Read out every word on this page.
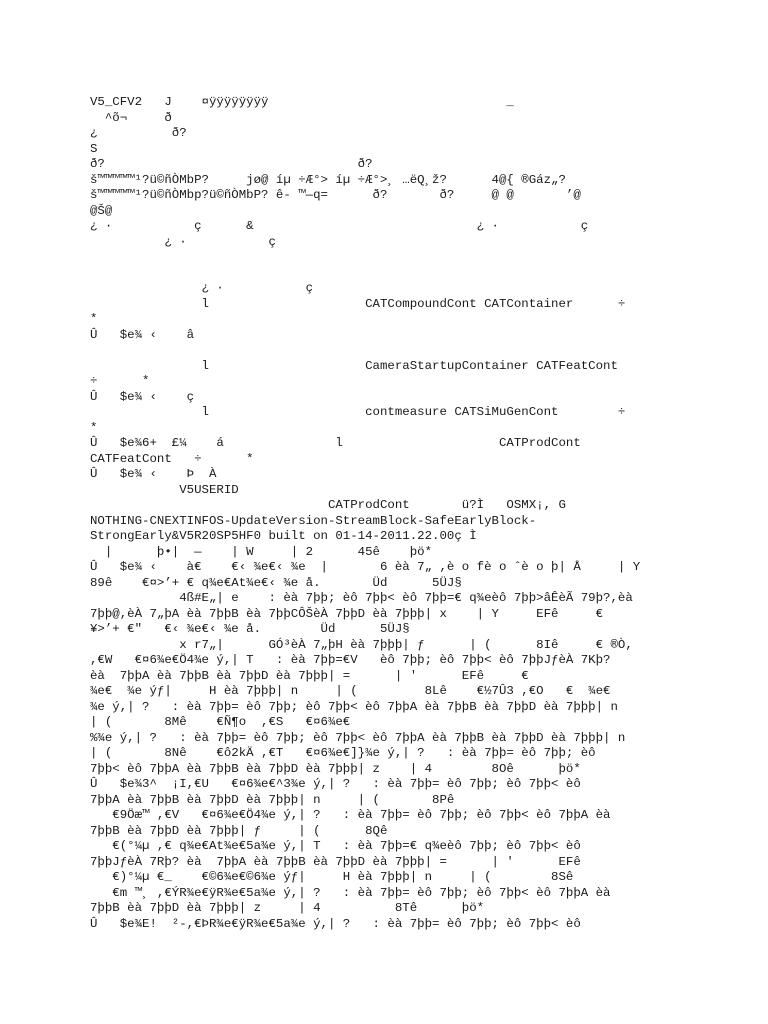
V5_CFV2   J    ¤ÿÿÿÿÿÿÿÿ                                _
^õ¬     ð
¿          ð?
S
ð?                                  ð?
š™™™™™¹?ü©ñÒMbP?     jø@ íµ ÷Æ°> íµ ÷Æ°>¸ …ëQ¸ž?      4@{ ®Gáz„?
š™™™™™¹?ü©ñÒMbp?ü©ñÒMbP? ê- ™—q=      ð?       ð?     @ @       ’@
@Š@
¿ ·           ç      &                              ¿ ·           ç
¿ ·           ç
¿ ·           ç
l                     CATCompoundCont CATContainer      ÷
*
Û   $e¾ ‹    â
l                     CameraStartupContainer CATFeatCont
÷      *
Û   $e¾ ‹    ç
l                     contmeasure CATSiMuGenCont        ÷
*
Û   $e¾6+  £¼    á               l                     CATProdCont
CATFeatCont   ÷      *
Û   $e¾ ‹    Þ  À
V5USERID
CATProdCont       ü?Ì   OSMX¡, G
NOTHING-CNEXTINFOS-UpdateVersion-StreamBlock-SafeEarlyBlock-
StrongEarly&V5R20SP5HF0 built on 01-14-2011.22.00ç Ì
|      þ•|  —    | W     | 2      45ê    þö*
Û   $e¾ ‹    à€    €‹ ¾e€‹ ¾e  |       6 èà 7„ ,è o fè o ˆè o þ| Å     | Y
89ê    €¤>’+ € q¾e€At¾e€‹ ¾e å.       Üd      5ÜJ§
4ß#E„| e    : èà 7þþ; èô 7þþ< èô 7þþ=€ q¾eèô 7þþ>âÊèÃ 79þ?,èà
7þþ@,èÀ 7„þA èà 7þþB èà 7þþCÔŠèÀ 7þþD èà 7þþþ| x    | Y     EFê     €
¥>’+ €"   €‹ ¾e€‹ ¾e å.        Üd      5ÜJ§
x r7„|      GÓ³èÀ 7„þH èà 7þþþ| ƒ      | (      8Iê     € ®Ò,
,€W   €¤6¾e€Ö4¾e ý,| T   : èà 7þþ=€V   èô 7þþ; èô 7þþ< èô 7þþJƒèÀ 7Kþ?
èà  7þþA èà 7þþB èà 7þþD èà 7þþþ| =      | '      EFê     €
¾e€  ¾e ýƒ|     H èà 7þþþ| n     | (         8Lê    €½7Û3 ,€O   €  ¾e€
¾e ý,| ?   : èà 7þþ= èô 7þþ; èô 7þþ< èô 7þþA èà 7þþB èà 7þþD èà 7þþþ| n
| (       8Mê    €Ñ¶o  ,€S   €¤6¾e€
%¾e ý,| ?   : èà 7þþ= èô 7þþ; èô 7þþ< èô 7þþA èà 7þþB èà 7þþD èà 7þþþ| n
| (       8Nê    €ô2kÄ ,€T   €¤6¾e€]}¾e ý,| ?   : èà 7þþ= èô 7þþ; èô
7þþ< èô 7þþA èà 7þþB èà 7þþD èà 7þþþ| z    | 4        8Oê      þö*
Û   $e¾3^  ¡I,€U   €¤6¾e€^3¾e ý,| ?   : èà 7þþ= èô 7þþ; èô 7þþ< èô
7þþA èà 7þþB èà 7þþD èà 7þþþ| n     | (       8Pê
€9Öæ™ ,€V   €¤6¾e€Ö4¾e ý,| ?   : èà 7þþ= èô 7þþ; èô 7þþ< èô 7þþA èà
7þþB èà 7þþD èà 7þþþ| ƒ     | (      8Qê
€(°¼µ ,€ q¾e€At¾e€5a¾e ý,| T   : èà 7þþ=€ q¾eèô 7þþ; èô 7þþ< èô
7þþJƒèÀ 7Rþ? èà  7þþA èà 7þþB èà 7þþD èà 7þþþ| =      | '      EFê
€)°¼µ €_    €©6¾e€©6¾e ýƒ|     H èà 7þþþ| n     | (        8Sê
€m ™¸ ,€ÝR¾e€ÿR¾e€5a¾e ý,| ?   : èà 7þþ= èô 7þþ; èô 7þþ< èô 7þþA èà
7þþB èà 7þþD èà 7þþþ| z     | 4          8Tê      þö*
Û   $e¾E!  ²-,€ÞR¾e€ÿR¾e€5a¾e ý,| ?   : èà 7þþ= èô 7þþ; èô 7þþ< èô
